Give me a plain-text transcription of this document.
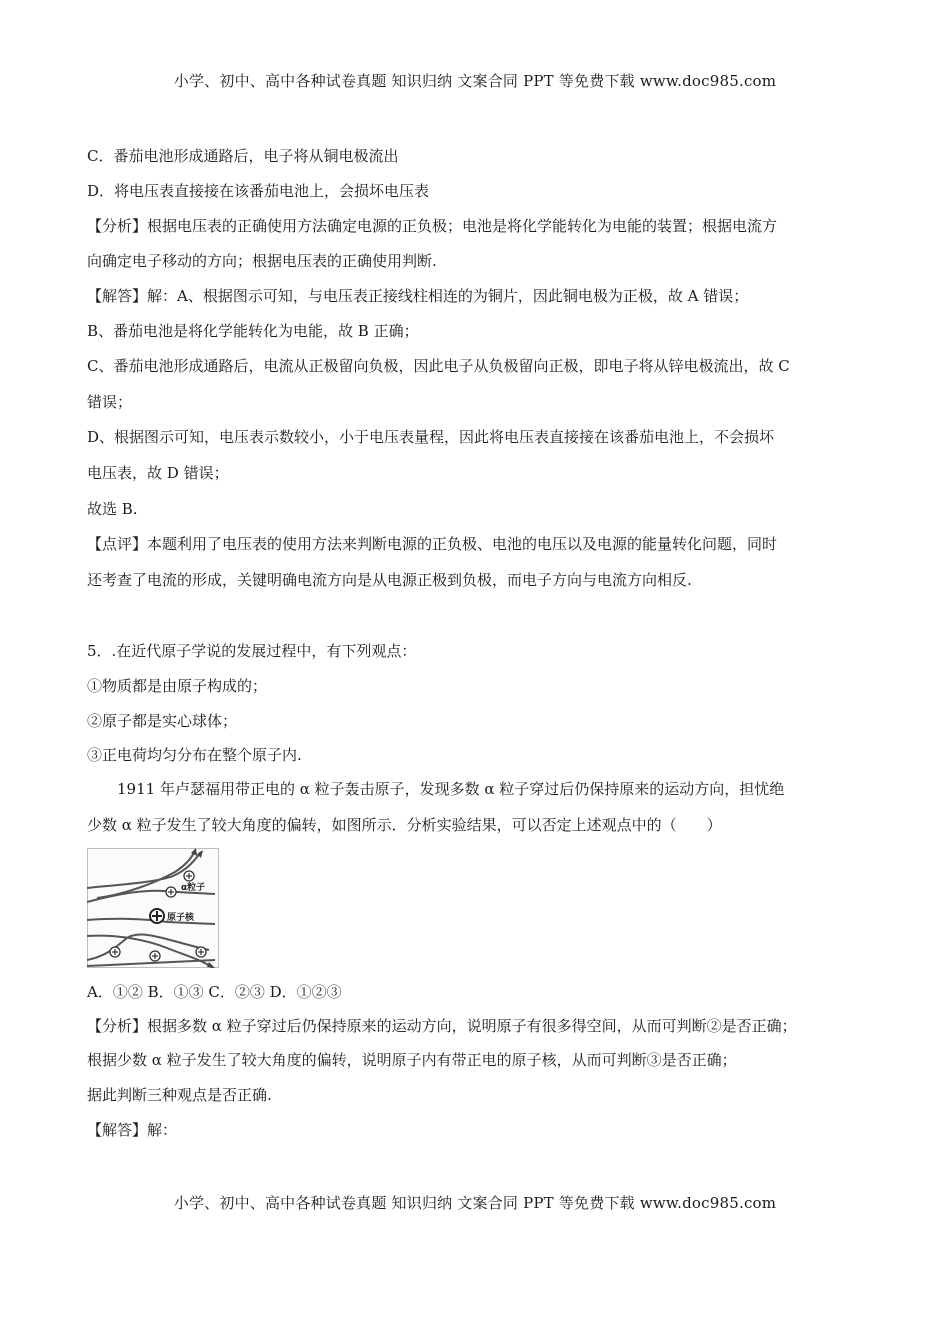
小学、初中、高中各种试卷真题 知识归纳 文案合同 PPT 等免费下载 www.doc985.com
C．番茄电池形成通路后，电子将从铜电极流出
D．将电压表直接接在该番茄电池上，会损坏电压表
【分析】根据电压表的正确使用方法确定电源的正负极；电池是将化学能转化为电能的装置；根据电流方
向确定电子移动的方向；根据电压表的正确使用判断.
【解答】解：A、根据图示可知，与电压表正接线柱相连的为铜片，因此铜电极为正极，故 A 错误；
B、番茄电池是将化学能转化为电能，故 B 正确；
C、番茄电池形成通路后，电流从正极留向负极，因此电子从负极留向正极，即电子将从锌电极流出，故 C
错误；
D、根据图示可知，电压表示数较小，小于电压表量程，因此将电压表直接接在该番茄电池上，不会损坏
电压表，故 D 错误；
故选 B.
【点评】本题利用了电压表的使用方法来判断电源的正负极、电池的电压以及电源的能量转化问题，同时
还考查了电流的形成，关键明确电流方向是从电源正极到负极，而电子方向与电流方向相反.
5．.在近代原子学说的发展过程中，有下列观点：
①物质都是由原子构成的；
②原子都是实心球体；
③正电荷均匀分布在整个原子内.
1911 年卢瑟福用带正电的 α 粒子轰击原子，发现多数 α 粒子穿过后仍保持原来的运动方向，担忧绝
少数 α 粒子发生了较大角度的偏转，如图所示．分析实验结果，可以否定上述观点中的（　　）
α粒子
原子核
A．①② B．①③ C．②③ D．①②③
【分析】根据多数 α 粒子穿过后仍保持原来的运动方向，说明原子有很多得空间，从而可判断②是否正确；
根据少数 α 粒子发生了较大角度的偏转，说明原子内有带正电的原子核，从而可判断③是否正确；
据此判断三种观点是否正确.
【解答】解：
小学、初中、高中各种试卷真题 知识归纳 文案合同 PPT 等免费下载 www.doc985.com
